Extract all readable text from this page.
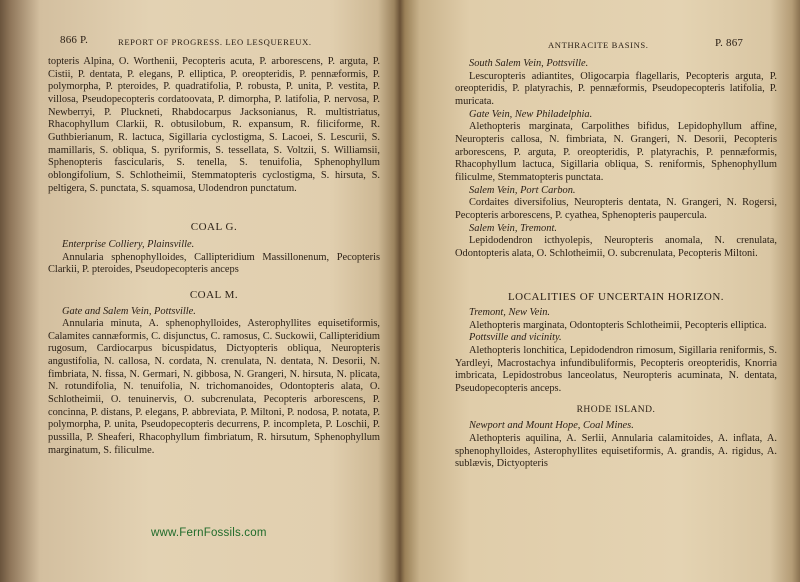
866 P.	REPORT OF PROGRESS. LEO LESQUEREUX.

topteris Alpina, O. Worthenii, Pecopteris acuta, P. arborescens, P. arguta, P. Cistii, P. dentata, P. elegans, P. elliptica, P. oreopteridis, P. pennæformis, P. polymorpha, P. pteroides, P. quadratifolia, P. robusta, P. unita, P. vestita, P. villosa, Pseudopecopteris cordatoovata, P. dimorpha, P. latifolia, P. nervosa, P. Newberryi, P. Pluckneti, Rhabdocarpus Jacksonianus, R. multistriatus, Rhacophyllum Clarkii, R. obtusilobum, R. expansum, R. filiciforme, R. Guthbierianum, R. lactuca, Sigillaria cyclostigma, S. Lacoei, S. Lescurii, S. mamillaris, S. obliqua, S. pyriformis, S. tessellata, S. Voltzii, S. Williamsii, Sphenopteris fascicularis, S. tenella, S. tenuifolia, Sphenophyllum oblongifolium, S. Schlotheimii, Stemmatopteris cyclostigma, S. hirsuta, S. peltigera, S. punctata, S. squamosa, Ulodendron punctatum.

COAL G.

Enterprise Colliery, Plainsville.

Annularia sphenophylloides, Callipteridium Massillonenum, Pecopteris Clarkii, P. pteroides, Pseudopecopteris anceps

COAL M.

Gate and Salem Vein, Pottsville.

Annularia minuta, A. sphenophylloides, Asterophyllites equisetiformis, Calamites cannæformis, C. disjunctus, C. ramosus, C. Suckowii, Callipteridium rugosum, Cardiocarpus bicuspidatus, Dictyopteris obliqua, Neuropteris angustifolia, N. callosa, N. cordata, N. crenulata, N. dentata, N. Desorii, N. fimbriata, N. fissa, N. Germari, N. gibbosa, N. Grangeri, N. hirsuta, N. plicata, N. rotundifolia, N. tenuifolia, N. trichomanoides, Odontopteris alata, O. Schlotheimii, O. tenuinervis, O. subcrenulata, Pecopteris arborescens, P. concinna, P. distans, P. elegans, P. abbreviata, P. Miltoni, P. nodosa, P. notata, P. polymorpha, P. unita, Pseudopecopteris decurrens, P. incompleta, P. Loschii, P. pussilla, P. Sheaferi, Rhacophyllum fimbriatum, R. hirsutum, Sphenophyllum marginatum, S. filiculme.

ANTHRACITE BASINS.	P. 867

South Salem Vein, Pottsville.

Lescuropteris adiantites, Oligocarpia flagellaris, Pecopteris arguta, P. oreopteridis, P. platyrachis, P. pennæformis, Pseudopecopteris latifolia, P. muricata.

Gate Vein, New Philadelphia.

Alethopteris marginata, Carpolithes bifidus, Lepidophyllum affine, Neuropteris callosa, N. fimbriata, N. Grangeri, N. Desorii, Pecopteris arborescens, P. arguta, P. oreopteridis, P. platyrachis, P. pennæformis, Rhacophyllum lactuca, Sigillaria obliqua, S. reniformis, Sphenophyllum filiculme, Stemmatopteris punctata.

Salem Vein, Port Carbon.

Cordaites diversifolius, Neuropteris dentata, N. Grangeri, N. Rogersi, Pecopteris arborescens, P. cyathea, Sphenopteris paupercula.

Salem Vein, Tremont.

Lepidodendron icthyolepis, Neuropteris anomala, N. crenulata, Odontopteris alata, O. Schlotheimii, O. subcrenulata, Pecopteris Miltoni.

LOCALITIES OF UNCERTAIN HORIZON.

Tremont, New Vein.

Alethopteris marginata, Odontopteris Schlotheimii, Pecopteris elliptica.

Pottsville and vicinity.

Alethopteris lonchitica, Lepidodendron rimosum, Sigillaria reniformis, S. Yardleyi, Macrostachya infundibuliformis, Pecopteris oreopteridis, Knorria imbricata, Lepidostrobus lanceolatus, Neuropteris acuminata, N. dentata, Pseudopecopteris anceps.

RHODE ISLAND.

Newport and Mount Hope, Coal Mines.

Alethopteris aquilina, A. Serlii, Annularia calamitoides, A. inflata, A. sphenophylloides, Asterophyllites equisetiformis, A. grandis, A. rigidus, A. sublævis, Dictyopteris

www.FernFossils.com
